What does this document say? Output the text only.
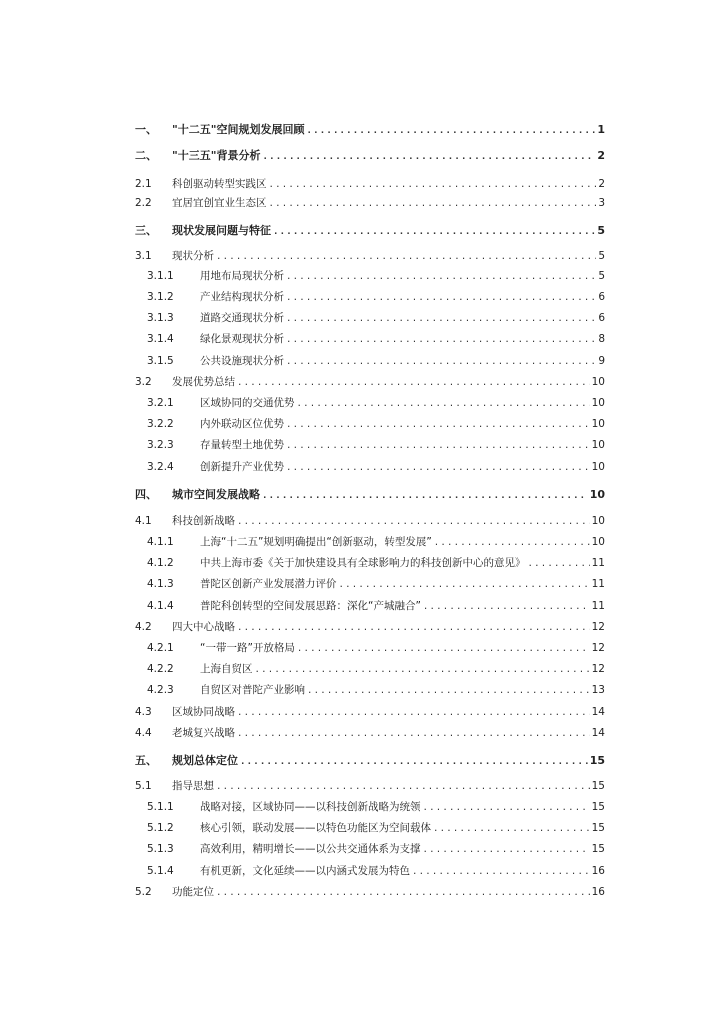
一、	"十二五"空间规划发展回顾 .....	1
二、	"十三五"背景分析 .....	2
2.1	科创驱动转型实践区 .....	2
2.2	宜居宜创宜业生态区 .....	3
三、	现状发展问题与特征 .....	5
3.1	现状分析 .....	5
3.1.1	用地布局现状分析 .....	5
3.1.2	产业结构现状分析 .....	6
3.1.3	道路交通现状分析 .....	6
3.1.4	绿化景观现状分析 .....	8
3.1.5	公共设施现状分析 .....	9
3.2	发展优势总结 .....	10
3.2.1	区域协同的交通优势 .....	10
3.2.2	内外联动区位优势 .....	10
3.2.3	存量转型土地优势 .....	10
3.2.4	创新提升产业优势 .....	10
四、	城市空间发展战略 .....	10
4.1	科技创新战略 .....	10
4.1.1	上海“十二五”规划明确提出“创新驱动，转型发展” .....	10
4.1.2	中共上海市委《关于加快建设具有全球影响力的科技创新中心的意见》 .....	11
4.1.3	普陀区创新产业发展潜力评价 .....	11
4.1.4	普陀科创转型的空间发展思路：深化“产城融合” .....	11
4.2	四大中心战略 .....	12
4.2.1	“一带一路”开放格局 .....	12
4.2.2	上海自贸区 .....	12
4.2.3	自贸区对普陀产业影响 .....	13
4.3	区域协同战略 .....	14
4.4	老城复兴战略 .....	14
五、	规划总体定位 .....	15
5.1	指导思想 .....	15
5.1.1	战略对接，区域协同——以科技创新战略为统领 .....	15
5.1.2	核心引领，联动发展——以特色功能区为空间载体 .....	15
5.1.3	高效利用，精明增长——以公共交通体系为支撑 .....	15
5.1.4	有机更新，文化延续——以内涵式发展为特色 .....	16
5.2	功能定位 .....	16
